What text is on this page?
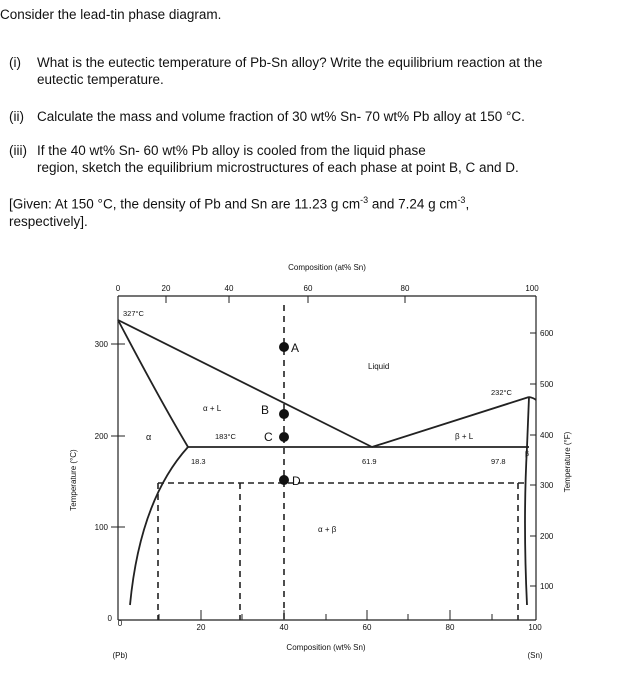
Consider the lead-tin phase diagram.
(i) What is the eutectic temperature of Pb-Sn alloy? Write the equilibrium reaction at the
eutectic temperature.
(ii) Calculate the mass and volume fraction of 30 wt% Sn- 70 wt% Pb alloy at 150 °C.
(iii) If the 40 wt% Sn- 60 wt% Pb alloy is cooled from the liquid phase
region, sketch the equilibrium microstructures of each phase at point B, C and D.
[Given: At 150 °C, the density of Pb and Sn are 11.23 g $cm^{-3}$ and 7.24 g $cm^{-3}$,
respectively].
Composition (at% Sn)
0	20	40	60	80	100
0	20	40	60	80	100
Composition (wt% Sn)
(Pb)	(Sn)
300
200
100
0
Temperature (°C)
600
500
400
300
200
100
Temperature (°F)
327°C
232°C
183°C
18.3	61.9	97.8
Liquid
α
α + L
β + L
α + β
β
A
B
C
D
